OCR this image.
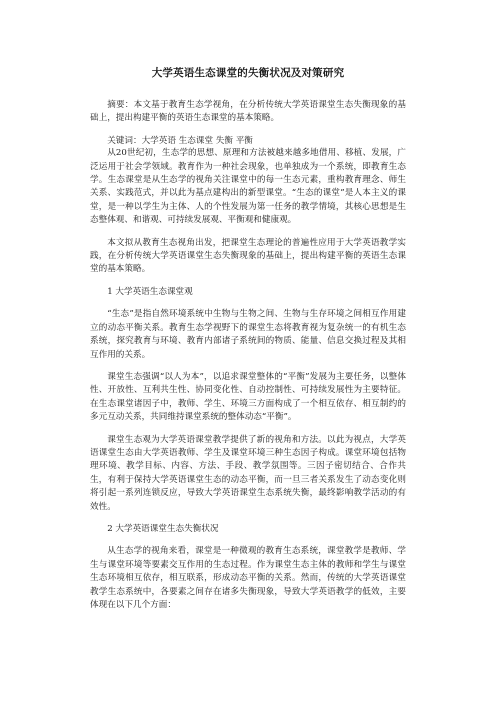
大学英语生态课堂的失衡状况及对策研究

摘要：本文基于教育生态学视角，在分析传统大学英语课堂生态失衡现象的基础上，提出构建平衡的英语生态课堂的基本策略。

关键词：大学英语 生态课堂 失衡 平衡

从20世纪初，生态学的思想、原理和方法被越来越多地借用、移植、发展，广泛运用于社会学领域。教育作为一种社会现象，也单独成为一个系统，即教育生态学。生态课堂是从生态学的视角关注课堂中的每一生态元素，重构教育理念、师生关系、实践范式，并以此为基点建构出的新型课堂。“生态的课堂”是人本主义的课堂，是一种以学生为主体、人的个性发展为第一任务的教学情境，其核心思想是生态整体观、和谐观、可持续发展观、平衡观和健康观。

本文拟从教育生态视角出发，把课堂生态理论的普遍性应用于大学英语教学实践，在分析传统大学英语课堂生态失衡现象的基础上，提出构建平衡的英语生态课堂的基本策略。

1 大学英语生态课堂观

“生态”是指自然环境系统中生物与生物之间、生物与生存环境之间相互作用建立的动态平衡关系。教育生态学视野下的课堂生态将教育视为复杂统一的有机生态系统，探究教育与环境、教育内部诸子系统间的物质、能量、信息交换过程及其相互作用的关系。

课堂生态强调“以人为本”，以追求课堂整体的“平衡”发展为主要任务，以整体性、开放性、互利共生性、协同变化性、自动控制性、可持续发展性为主要特征。在生态课堂诸因子中，教师、学生、环境三方面构成了一个相互依存、相互制约的多元互动关系，共同维持课堂系统的整体动态“平衡”。

课堂生态观为大学英语课堂教学提供了新的视角和方法。以此为视点，大学英语课堂生态由大学英语教师、学生及课堂环境三种生态因子构成。课堂环境包括物理环境、教学目标、内容、方法、手段、教学氛围等。三因子密切结合、合作共生，有利于保持大学英语课堂生态的动态平衡，而一旦三者关系发生了动态变化则将引起一系列连锁反应，导致大学英语课堂生态系统失衡，最终影响教学活动的有效性。

2 大学英语课堂生态失衡状况

从生态学的视角来看，课堂是一种微观的教育生态系统，课堂教学是教师、学生与课堂环境等要素交互作用的生态过程。作为课堂生态主体的教师和学生与课堂生态环境相互依存，相互联系，形成动态平衡的关系。然而，传统的大学英语课堂教学生态系统中，各要素之间存在诸多失衡现象，导致大学英语教学的低效，主要体现在以下几个方面：
